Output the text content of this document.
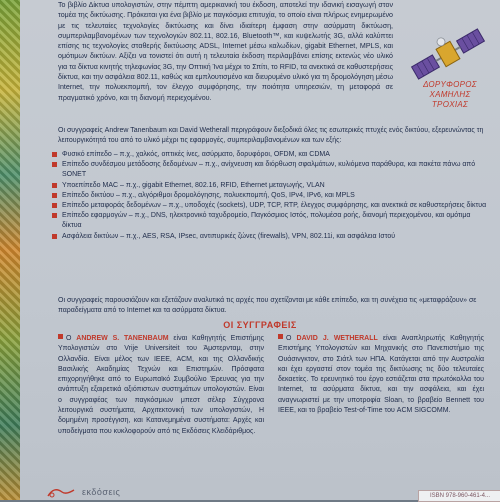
Το βιβλίο Δίκτυα υπολογιστών, στην πέμπτη αμερικανική του έκδοση, αποτελεί την ιδανική εισαγωγή στον τομέα της δικτύωσης. Πρόκειται για ένα βιβλίο με παγκόσμια επιτυχία, το οποίο είναι πλήρως ενημερωμένο με τις τελευταίες τεχνολογίες δικτύωσης και δίνει ιδιαίτερη έμφαση στην ασύρματη δικτύωση, συμπεριλαμβανομένων των τεχνολογιών 802.11, 802.16, Bluetooth™, και κυψελωτής 3G, αλλά καλύπτει επίσης τις τεχνολογίες σταθερής δικτύωσης ADSL, Internet μέσω καλωδίων, gigabit Ethernet, MPLS, και ομότιμων δικτύων. Αξίζει να τονιστεί ότι αυτή η τελευταία έκδοση περιλαμβάνει επίσης εκτενώς νέο υλικό για τα δίκτυα κινητής τηλεφωνίας 3G, την Οπτική Ίνα μέχρι το Σπίτι, το RFID, τα ανεκτικά σε καθυστερήσεις δίκτυα, και την ασφάλεια 802.11, καθώς και εμπλουτισμένο και διευρυμένο υλικό για τη δρομολόγηση μέσω Internet, την πολυεκπομπή, τον έλεγχο συμφόρησης, την ποιότητα υπηρεσιών, τη μεταφορά σε πραγματικό χρόνο, και τη διανομή περιεχομένου.
ΔΟΡΥΦΟΡΟΣ
ΧΑΜΗΛΗΣ
ΤΡΟΧΙΑΣ
Οι συγγραφείς Andrew Tanenbaum και David Wetherall περιγράφουν διεξοδικά όλες τις εσωτερικές πτυχές ενός δικτύου, εξερευνώντας τη λειτουργικότητά του από το υλικό μέχρι τις εφαρμογές, συμπεριλαμβανομένων και των εξής:
Φυσικό επίπεδο – π.χ., χαλκός, οπτικές ίνες, ασύρματο, δορυφόροι, OFDM, και CDMA
Επίπεδο συνδέσμου μετάδοσης δεδομένων – π.χ., ανίχνευση και διόρθωση σφαλμάτων, κυλιόμενα παράθυρα, και πακέτα πάνω από SONET
Υποεπίπεδο MAC – π.χ., gigabit Ethernet, 802.16, RFID, Ethernet μεταγωγής, VLAN
Επίπεδο δικτύου – π.χ., αλγόριθμοι δρομολόγησης, πολυεκπομπή, QoS, IPv4, IPv6, και MPLS
Επίπεδο μεταφοράς δεδομένων – π.χ., υποδοχές (sockets), UDP, TCP, RTP, έλεγχος συμφόρησης, και ανεκτικά σε καθυστερήσεις δίκτυα
Επίπεδο εφαρμογών – π.χ., DNS, ηλεκτρονικό ταχυδρομείο, Παγκόσμιος Ιστός, πολυμέσα ροής, διανομή περιεχομένου, και ομότιμα δίκτυα
Ασφάλεια δικτύων – π.χ., AES, RSA, IPsec, αντιπυρικές ζώνες (firewalls), VPN, 802.11i, και ασφάλεια Ιστού
Οι συγγραφείς παρουσιάζουν και εξετάζουν αναλυτικά τις αρχές που σχετίζονται με κάθε επίπεδο, και τη συνέχεια τις «μεταφράζουν» σε παραδείγματα από το Internet και τα ασύρματα δίκτυα.
ΟΙ ΣΥΓΓΡΑΦΕΙΣ
Ο ANDREW S. TANENBAUM είναι Καθηγητής Επιστήμης Υπολογιστών στο Vrije Universiteit του Άμστερνταμ, στην Ολλανδία. Είναι μέλος των IEEE, ACM, και της Ολλανδικής Βασιλικής Ακαδημίας Τεχνών και Επιστημών. Πρόσφατα επιχορηγήθηκε από το Ευρωπαϊκό Συμβούλιο Έρευνας για την ανάπτυξη εξαιρετικά αξιόπιστων συστημάτων υπολογιστών. Είναι ο συγγραφέας των παγκόσμιων μπεστ σέλερ Σύγχρονα λειτουργικά συστήματα, Αρχιτεκτονική των υπολογιστών, Η δομημένη προσέγγιση, και Κατανεμημένα συστήματα: Αρχές και υποδείγματα που κυκλοφορούν από τις Εκδόσεις Κλειδάριθμος.
Ο DAVID J. WETHERALL είναι Αναπληρωτής Καθηγητής Επιστήμης Υπολογιστών και Μηχανικής στο Πανεπιστήμιο της Ουάσινγκτον, στο Σιάτλ των ΗΠΑ. Κατάγεται από την Αυστραλία και έχει εργαστεί στον τομέα της δικτύωσης τις δύο τελευταίες δεκαετίες. Το ερευνητικό του έργο εστιάζεται στα πρωτόκολλα του Internet, τα ασύρματα δίκτυα, και την ασφάλεια, και έχει αναγνωριστεί με την υποτροφία Sloan, το βραβείο Bennett του IEEE, και το βραβείο Test-of-Time του ACM SIGCOMM.
εκδόσεις	ISBN 978-960-461-4...
